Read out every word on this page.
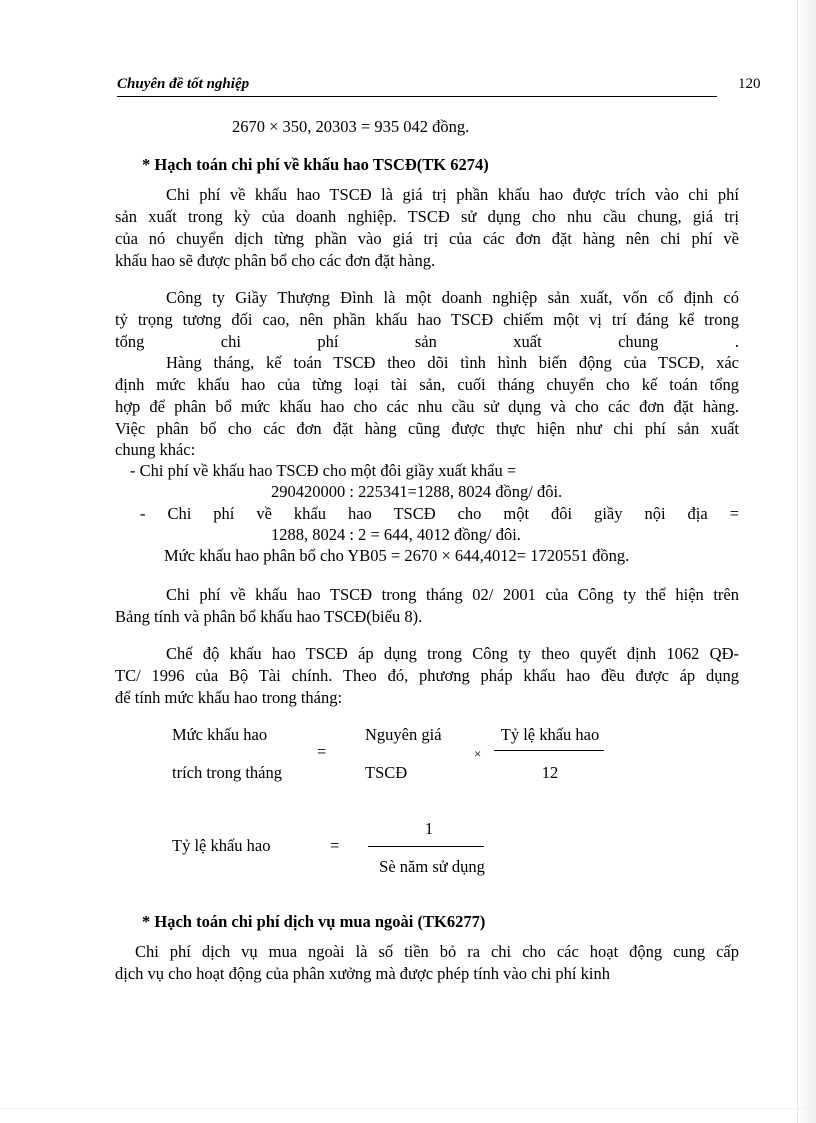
Chuyên đề tốt nghiệp	120
2670 × 350, 20303 = 935 042 đồng.
* Hạch toán chi phí về khấu hao TSCĐ(TK 6274)
Chi phí về khấu hao TSCĐ là giá trị phần khấu hao được trích vào chi phí
sản xuất trong kỳ của doanh nghiệp. TSCĐ sử dụng cho nhu cầu chung, giá trị
của nó chuyển dịch từng phần vào giá trị của các đơn đặt hàng nên chi phí về
khấu hao sẽ được phân bổ cho các đơn đặt hàng.
Công ty Giầy Thượng Đình là một doanh nghiệp sản xuất, vốn cố định có
tỷ trọng tương đối cao, nên phần khấu hao TSCĐ chiếm một vị trí đáng kể trong
tổng chi phí sản xuất chung .
Hàng tháng, kế toán TSCĐ theo dõi tình hình biến động của TSCĐ, xác
định mức khấu hao của từng loại tài sản, cuối tháng chuyển cho kế toán tổng
hợp để phân bổ mức khấu hao cho các nhu cầu sử dụng và cho các đơn đặt hàng.
Việc phân bổ cho các đơn đặt hàng cũng được thực hiện như chi phí sản xuất
chung khác:
- Chi phí về khấu hao TSCĐ cho một đôi giầy xuất khẩu =
290420000 : 225341=1288, 8024 đồng/ đôi.
- Chi phí về khấu hao TSCĐ cho một đôi giầy nội địa =
1288, 8024 : 2 = 644, 4012 đồng/ đôi.
Mức khấu hao phân bổ cho YB05 = 2670 × 644,4012= 1720551 đồng.
Chi phí về khấu hao TSCĐ trong tháng 02/ 2001 của Công ty thể hiện trên
Bảng tính và phân bổ khấu hao TSCĐ(biểu 8).
Chế độ khấu hao TSCĐ áp dụng trong Công ty theo quyết định 1062 QĐ-
TC/ 1996 của Bộ Tài chính. Theo đó, phương pháp khấu hao đều được áp dụng
để tính mức khấu hao trong tháng:
Mức khấu hao
trích trong tháng
=
Nguyên giá
TSCĐ
×
Tỷ lệ khấu hao
12
Tỷ lệ khấu hao	=
1
Sè năm sử dụng
* Hạch toán chi phí dịch vụ mua ngoài (TK6277)
Chi phí dịch vụ mua ngoài là số tiền bỏ ra chi cho các hoạt động cung cấp
dịch vụ cho hoạt động của phân xưởng mà được phép tính vào chi phí kinh
